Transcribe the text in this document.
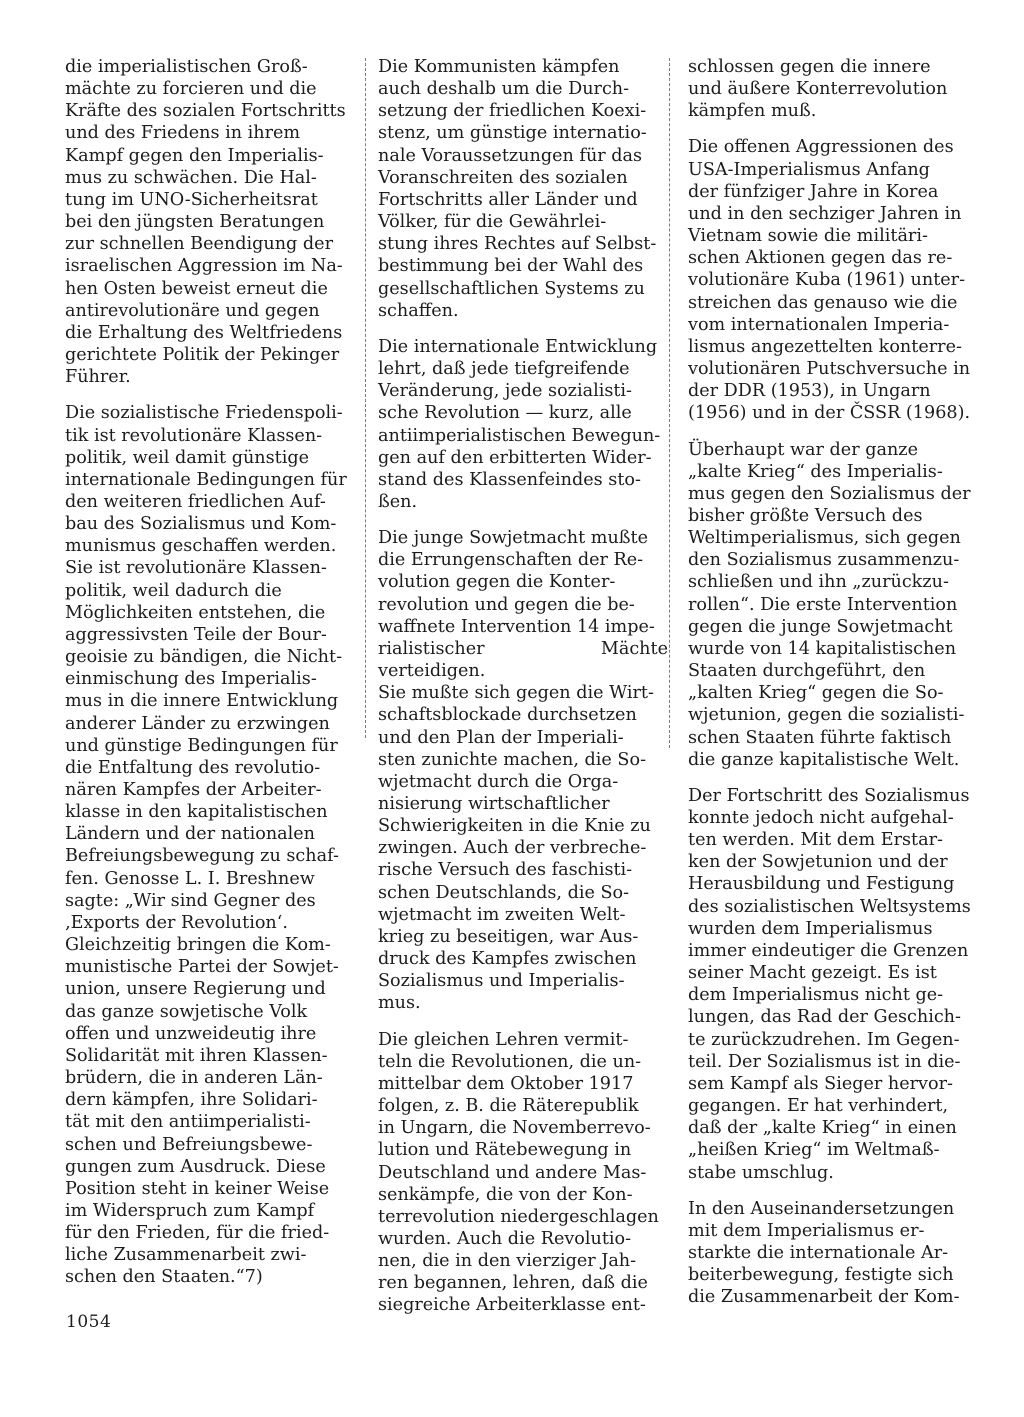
die imperialistischen Groß-
mächte zu forcieren und die
Kräfte des sozialen Fortschritts
und des Friedens in ihrem
Kampf gegen den Imperialis-
mus zu schwächen. Die Hal-
tung im UNO-Sicherheitsrat
bei den jüngsten Beratungen
zur schnellen Beendigung der
israelischen Aggression im Na-
hen Osten beweist erneut die
antirevolutionäre und gegen
die Erhaltung des Weltfriedens
gerichtete Politik der Pekinger
Führer.

Die sozialistische Friedenspoli-
tik ist revolutionäre Klassen-
politik, weil damit günstige
internationale Bedingungen für
den weiteren friedlichen Auf-
bau des Sozialismus und Kom-
munismus geschaffen werden.
Sie ist revolutionäre Klassen-
politik, weil dadurch die
Möglichkeiten entstehen, die
aggressivsten Teile der Bour-
geoisie zu bändigen, die Nicht-
einmischung des Imperialis-
mus in die innere Entwicklung
anderer Länder zu erzwingen
und günstige Bedingungen für
die Entfaltung des revolutio-
nären Kampfes der Arbeiter-
klasse in den kapitalistischen
Ländern und der nationalen
Befreiungsbewegung zu schaf-
fen. Genosse L. I. Breshnew
sagte: „Wir sind Gegner des
‚Exports der Revolution‘.
Gleichzeitig bringen die Kom-
munistische Partei der Sowjet-
union, unsere Regierung und
das ganze sowjetische Volk
offen und unzweideutig ihre
Solidarität mit ihren Klassen-
brüdern, die in anderen Län-
dern kämpfen, ihre Solidari-
tät mit den antiimperialisti-
schen und Befreiungsbewe-
gungen zum Ausdruck. Diese
Position steht in keiner Weise
im Widerspruch zum Kampf
für den Frieden, für die fried-
liche Zusammenarbeit zwi-
schen den Staaten.“7)

Die Kommunisten kämpfen
auch deshalb um die Durch-
setzung der friedlichen Koexi-
stenz, um günstige internatio-
nale Voraussetzungen für das
Voranschreiten des sozialen
Fortschritts aller Länder und
Völker, für die Gewährlei-
stung ihres Rechtes auf Selbst-
bestimmung bei der Wahl des
gesellschaftlichen Systems zu
schaffen.

Die internationale Entwicklung
lehrt, daß jede tiefgreifende
Veränderung, jede sozialisti-
sche Revolution — kurz, alle
antiimperialistischen Bewegun-
gen auf den erbitterten Wider-
stand des Klassenfeindes sto-
ßen.

Die junge Sowjetmacht mußte
die Errungenschaften der Re-
volution gegen die Konter-
revolution und gegen die be-
waffnete Intervention 14 impe-
rialistischer Mächte verteidigen.
Sie mußte sich gegen die Wirt-
schaftsblockade durchsetzen
und den Plan der Imperiali-
sten zunichte machen, die So-
wjetmacht durch die Orga-
nisierung wirtschaftlicher
Schwierigkeiten in die Knie zu
zwingen. Auch der verbreche-
rische Versuch des faschisti-
schen Deutschlands, die So-
wjetmacht im zweiten Welt-
krieg zu beseitigen, war Aus-
druck des Kampfes zwischen
Sozialismus und Imperialis-
mus.

Die gleichen Lehren vermit-
teln die Revolutionen, die un-
mittelbar dem Oktober 1917
folgen, z. B. die Räterepublik
in Ungarn, die Novemberrevo-
lution und Rätebewegung in
Deutschland und andere Mas-
senkämpfe, die von der Kon-
terrevolution niedergeschlagen
wurden. Auch die Revolutio-
nen, die in den vierziger Jah-
ren begannen, lehren, daß die
siegreiche Arbeiterklasse ent-

schlossen gegen die innere
und äußere Konterrevolution
kämpfen muß.

Die offenen Aggressionen des
USA-Imperialismus Anfang
der fünfziger Jahre in Korea
und in den sechziger Jahren in
Vietnam sowie die militäri-
schen Aktionen gegen das re-
volutionäre Kuba (1961) unter-
streichen das genauso wie die
vom internationalen Imperia-
lismus angezettelten konterre-
volutionären Putschversuche in
der DDR (1953), in Ungarn
(1956) und in der ČSSR (1968).

Überhaupt war der ganze
„kalte Krieg“ des Imperialis-
mus gegen den Sozialismus der
bisher größte Versuch des
Weltimperialismus, sich gegen
den Sozialismus zusammenzu-
schließen und ihn „zurückzu-
rollen“. Die erste Intervention
gegen die junge Sowjetmacht
wurde von 14 kapitalistischen
Staaten durchgeführt, den
„kalten Krieg“ gegen die So-
wjetunion, gegen die sozialisti-
schen Staaten führte faktisch
die ganze kapitalistische Welt.

Der Fortschritt des Sozialismus
konnte jedoch nicht aufgehal-
ten werden. Mit dem Erstar-
ken der Sowjetunion und der
Herausbildung und Festigung
des sozialistischen Weltsystems
wurden dem Imperialismus
immer eindeutiger die Grenzen
seiner Macht gezeigt. Es ist
dem Imperialismus nicht ge-
lungen, das Rad der Geschich-
te zurückzudrehen. Im Gegen-
teil. Der Sozialismus ist in die-
sem Kampf als Sieger hervor-
gegangen. Er hat verhindert,
daß der „kalte Krieg“ in einen
„heißen Krieg“ im Weltmaß-
stabe umschlug.

In den Auseinandersetzungen
mit dem Imperialismus er-
starkte die internationale Ar-
beiterbewegung, festigte sich
die Zusammenarbeit der Kom-

1054
